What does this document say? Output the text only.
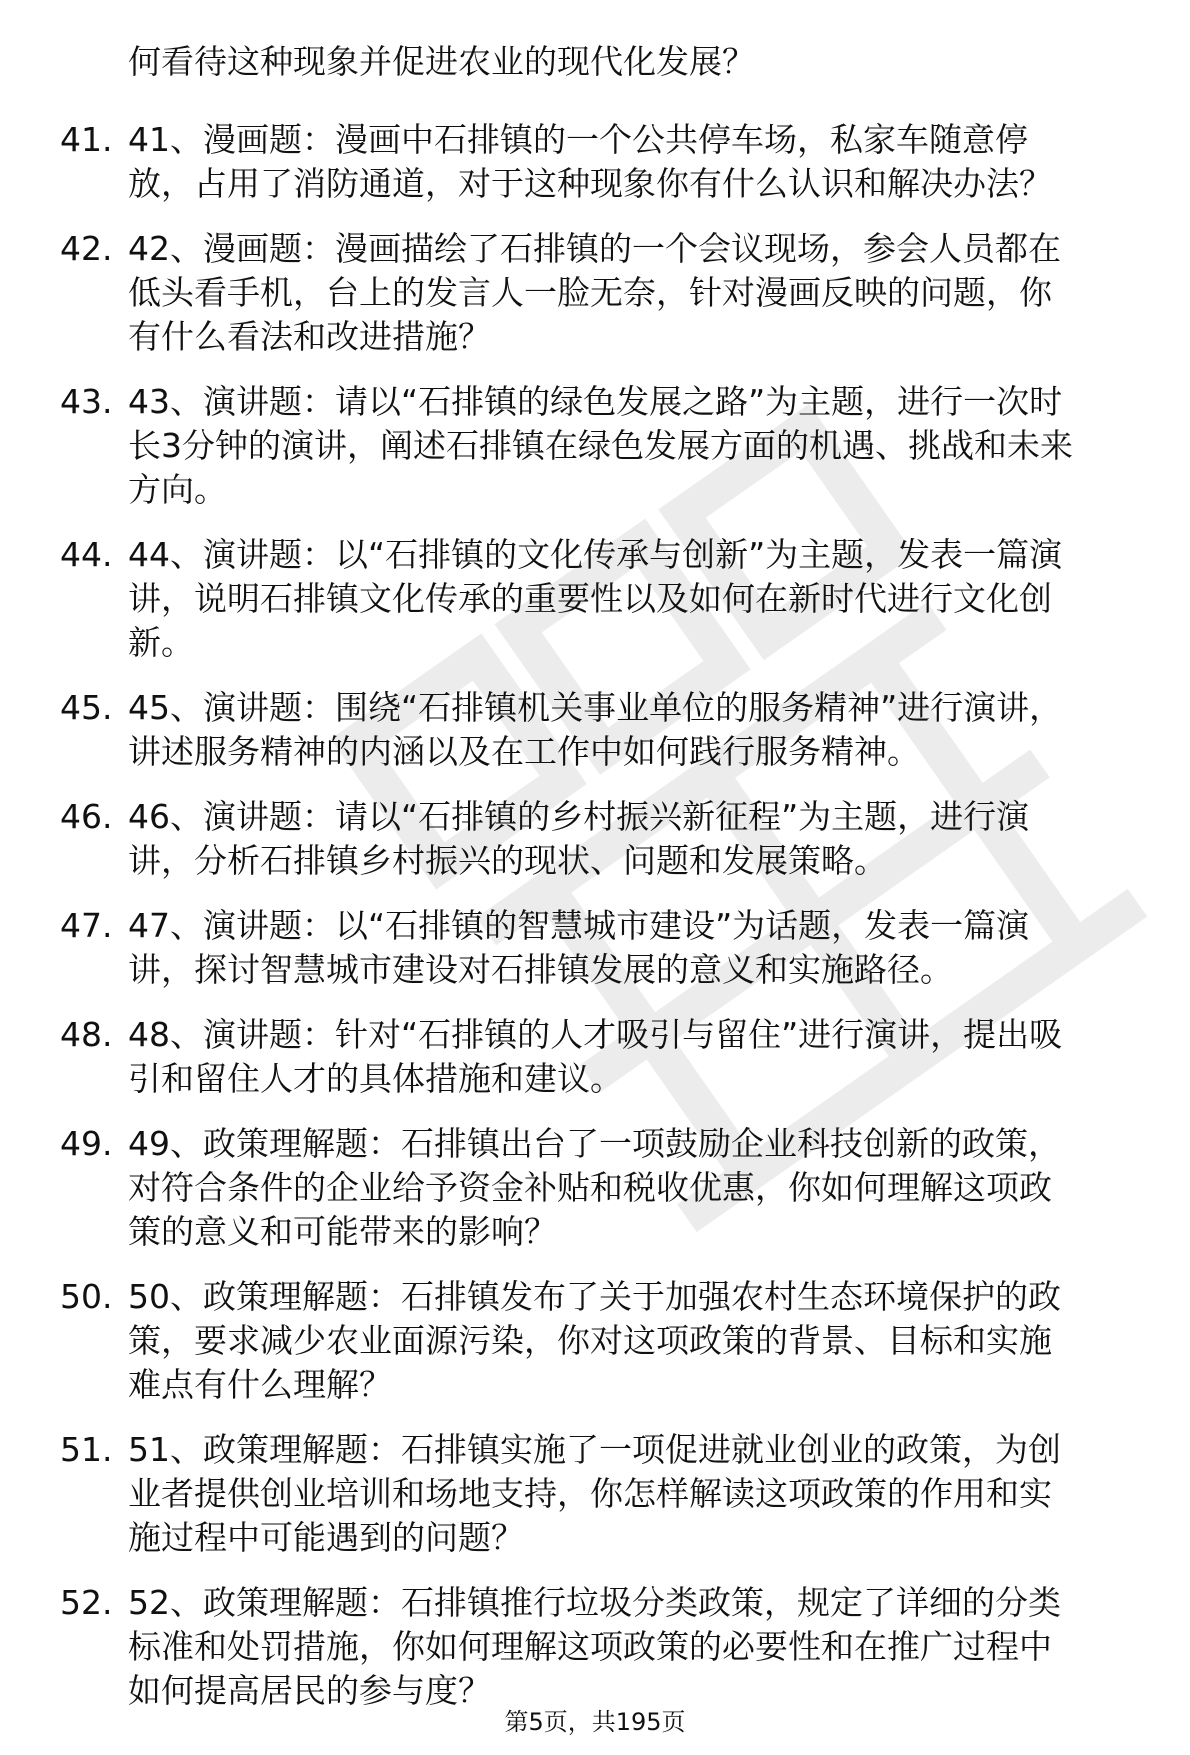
何看待这种现象并促进农业的现代化发展？
41. 41、漫画题：漫画中石排镇的一个公共停车场，私家车随意停
放，占用了消防通道，对于这种现象你有什么认识和解决办法？
42. 42、漫画题：漫画描绘了石排镇的一个会议现场，参会人员都在
低头看手机，台上的发言人一脸无奈，针对漫画反映的问题，你
有什么看法和改进措施？
43. 43、演讲题：请以“石排镇的绿色发展之路”为主题，进行一次时
长3分钟的演讲，阐述石排镇在绿色发展方面的机遇、挑战和未来
方向。
44. 44、演讲题：以“石排镇的文化传承与创新”为主题，发表一篇演
讲，说明石排镇文化传承的重要性以及如何在新时代进行文化创
新。
45. 45、演讲题：围绕“石排镇机关事业单位的服务精神”进行演讲，
讲述服务精神的内涵以及在工作中如何践行服务精神。
46. 46、演讲题：请以“石排镇的乡村振兴新征程”为主题，进行演
讲，分析石排镇乡村振兴的现状、问题和发展策略。
47. 47、演讲题：以“石排镇的智慧城市建设”为话题，发表一篇演
讲，探讨智慧城市建设对石排镇发展的意义和实施路径。
48. 48、演讲题：针对“石排镇的人才吸引与留住”进行演讲，提出吸
引和留住人才的具体措施和建议。
49. 49、政策理解题：石排镇出台了一项鼓励企业科技创新的政策，
对符合条件的企业给予资金补贴和税收优惠，你如何理解这项政
策的意义和可能带来的影响？
50. 50、政策理解题：石排镇发布了关于加强农村生态环境保护的政
策，要求减少农业面源污染，你对这项政策的背景、目标和实施
难点有什么理解？
51. 51、政策理解题：石排镇实施了一项促进就业创业的政策，为创
业者提供创业培训和场地支持，你怎样解读这项政策的作用和实
施过程中可能遇到的问题？
52. 52、政策理解题：石排镇推行垃圾分类政策，规定了详细的分类
标准和处罚措施，你如何理解这项政策的必要性和在推广过程中
如何提高居民的参与度？
第5页，共195页
